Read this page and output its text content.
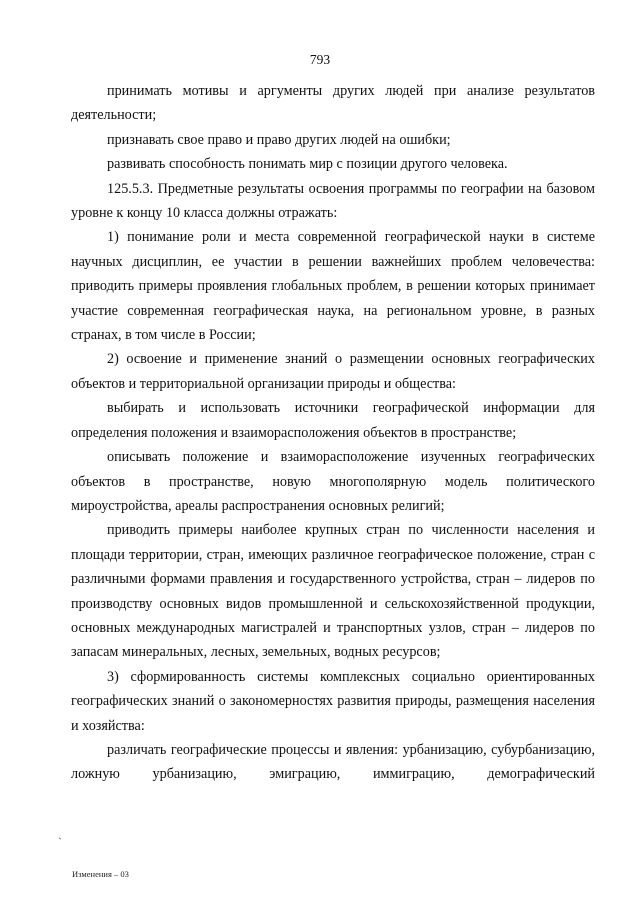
793

принимать мотивы и аргументы других людей при анализе результатов деятельности;

признавать свое право и право других людей на ошибки;

развивать способность понимать мир с позиции другого человека.

125.5.3. Предметные результаты освоения программы по географии на базовом уровне к концу 10 класса должны отражать:

1) понимание роли и места современной географической науки в системе научных дисциплин, ее участии в решении важнейших проблем человечества: приводить примеры проявления глобальных проблем, в решении которых принимает участие современная географическая наука, на региональном уровне, в разных странах, в том числе в России;

2) освоение и применение знаний о размещении основных географических объектов и территориальной организации природы и общества:

выбирать и использовать источники географической информации для определения положения и взаиморасположения объектов в пространстве;

описывать положение и взаиморасположение изученных географических объектов в пространстве, новую многополярную модель политического мироустройства, ареалы распространения основных религий;

приводить примеры наиболее крупных стран по численности населения и площади территории, стран, имеющих различное географическое положение, стран с различными формами правления и государственного устройства, стран – лидеров по производству основных видов промышленной и сельскохозяйственной продукции, основных международных магистралей и транспортных узлов, стран – лидеров по запасам минеральных, лесных, земельных, водных ресурсов;

3) сформированность системы комплексных социально ориентированных географических знаний о закономерностях развития природы, размещения населения и хозяйства:

различать географические процессы и явления: урбанизацию, субурбанизацию, ложную урбанизацию, эмиграцию, иммиграцию, демографический

ˏ
Изменения – 03
